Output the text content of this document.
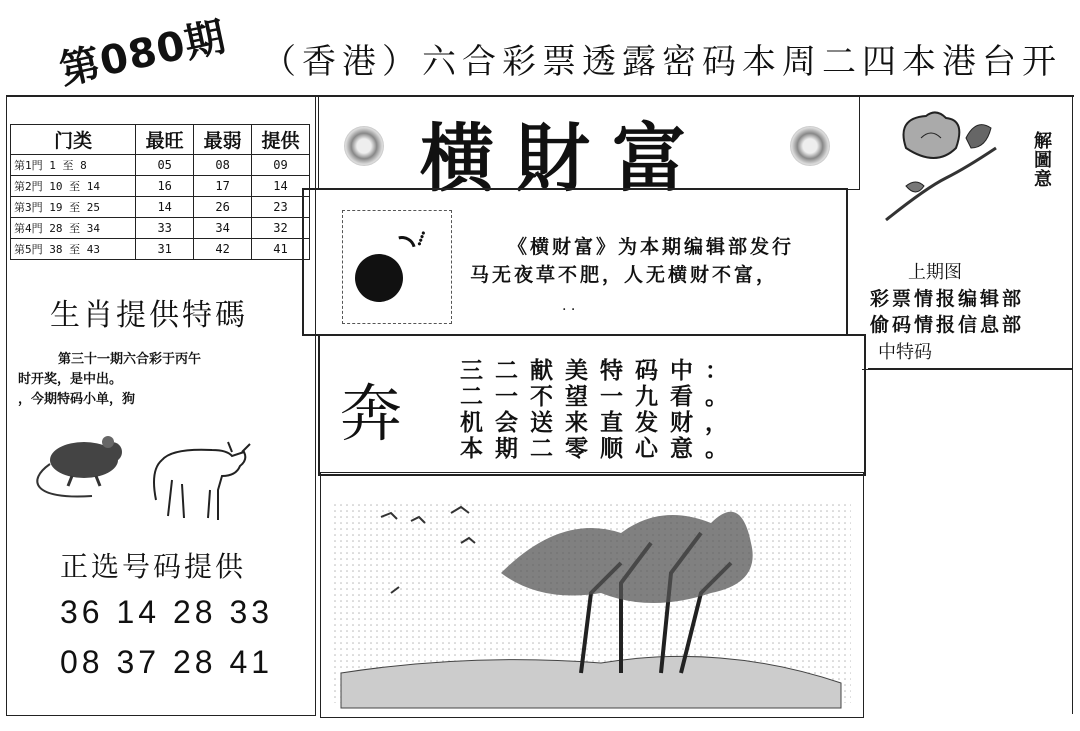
第080期 （香港）六合彩票透露密码本周二四本港台开
门类	最旺	最弱	提供
第1門 1 至 8	05	08	09
第2門 10 至 14	16	17	14
第3門 19 至 25	14	26	23
第4門 28 至 34	33	34	32
第5門 38 至 43	31	42	41
生肖提供特碼
第三十一期六合彩于丙午
时开奖，是中出。
，今期特码小单，狗
正选号码提供
36 14 28 33
08 37 28 41
横財富
⁞	《横财富》为本期编辑部发行
马无夜草不肥，人无横财不富，
. .
奔
三二献美特码中：
二一不望一九看。
机会送来直发财，
本期二零顺心意。
解圖意
上期图
彩票情报编辑部
偷码情报信息部
中特码
